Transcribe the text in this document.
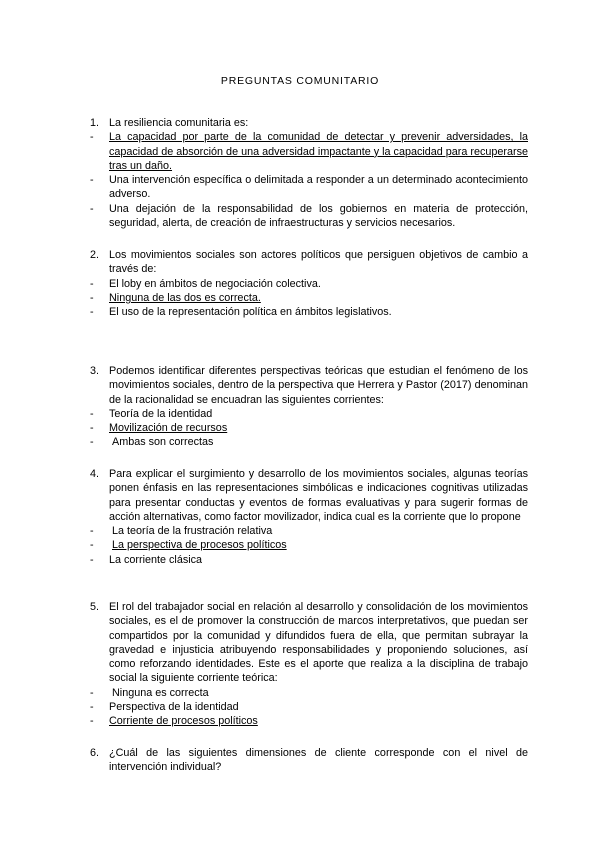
PREGUNTAS COMUNITARIO
1. La resiliencia comunitaria es:
- La capacidad por parte de la comunidad de detectar y prevenir adversidades, la capacidad de absorción de una adversidad impactante y la capacidad para recuperarse tras un daño.
- Una intervención específica o delimitada a responder a un determinado acontecimiento adverso.
- Una dejación de la responsabilidad de los gobiernos en materia de protección, seguridad, alerta, de creación de infraestructuras y servicios necesarios.
2. Los movimientos sociales son actores políticos que persiguen objetivos de cambio a través de:
- El loby en ámbitos de negociación colectiva.
- Ninguna de las dos es correcta.
- El uso de la representación política en ámbitos legislativos.
3. Podemos identificar diferentes perspectivas teóricas que estudian el fenómeno de los movimientos sociales, dentro de la perspectiva que Herrera y Pastor (2017) denominan de la racionalidad se encuadran las siguientes corrientes:
- Teoría de la identidad
- Movilización de recursos
- Ambas son correctas
4. Para explicar el surgimiento y desarrollo de los movimientos sociales, algunas teorías ponen énfasis en las representaciones simbólicas e indicaciones cognitivas utilizadas para presentar conductas y eventos de formas evaluativas y para sugerir formas de acción alternativas, como factor movilizador, indica cual es la corriente que lo propone
- La teoría de la frustración relativa
- La perspectiva de procesos políticos
- La corriente clásica
5. El rol del trabajador social en relación al desarrollo y consolidación de los movimientos sociales, es el de promover la construcción de marcos interpretativos, que puedan ser compartidos por la comunidad y difundidos fuera de ella, que permitan subrayar la gravedad e injusticia atribuyendo responsabilidades y proponiendo soluciones, así como reforzando identidades. Este es el aporte que realiza a la disciplina de trabajo social la siguiente corriente teórica:
- Ninguna es correcta
- Perspectiva de la identidad
- Corriente de procesos políticos
6. ¿Cuál de las siguientes dimensiones de cliente corresponde con el nivel de intervención individual?
